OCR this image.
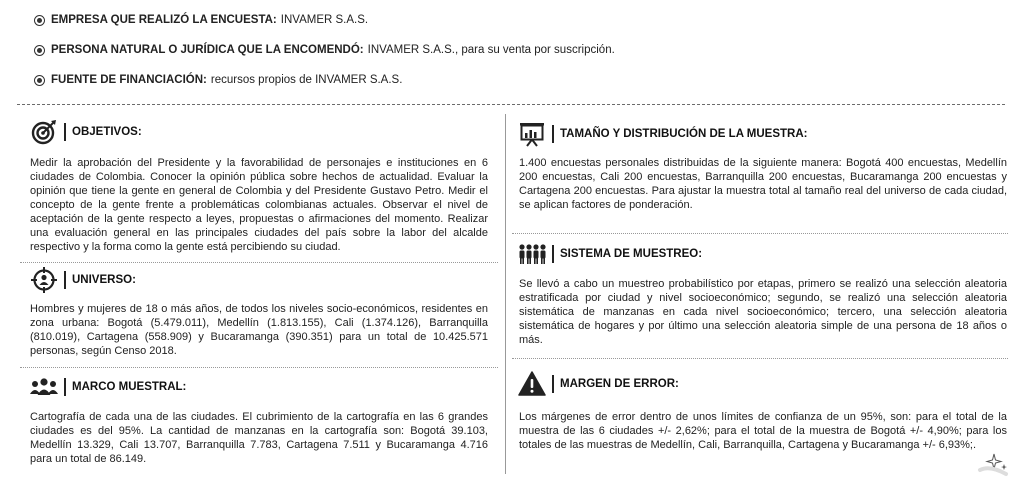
EMPRESA QUE REALIZÓ LA ENCUESTA: INVAMER S.A.S.
PERSONA NATURAL O JURÍDICA QUE LA ENCOMENDÓ: INVAMER S.A.S., para su venta por suscripción.
FUENTE DE FINANCIACIÓN: recursos propios de INVAMER S.A.S.
OBJETIVOS:

Medir la aprobación del Presidente y la favorabilidad de personajes e instituciones en 6 ciudades de Colombia. Conocer la opinión pública sobre hechos de actualidad. Evaluar la opinión que tiene la gente en general de Colombia y del Presidente Gustavo Petro. Medir el concepto de la gente frente a problemáticas colombianas actuales. Observar el nivel de aceptación de la gente respecto a leyes, propuestas o afirmaciones del momento. Realizar una evaluación general en las principales ciudades del país sobre la labor del alcalde respectivo y la forma como la gente está percibiendo su ciudad.

UNIVERSO:

Hombres y mujeres de 18 o más años, de todos los niveles socio-económicos, residentes en zona urbana: Bogotá (5.479.011), Medellín (1.813.155), Cali (1.374.126), Barranquilla (810.019), Cartagena (558.909) y Bucaramanga (390.351) para un total de 10.425.571 personas, según Censo 2018.

MARCO MUESTRAL:

Cartografía de cada una de las ciudades. El cubrimiento de la cartografía en las 6 grandes ciudades es del 95%. La cantidad de manzanas en la cartografía son: Bogotá 39.103, Medellín 13.329, Cali 13.707, Barranquilla 7.783, Cartagena 7.511 y Bucaramanga 4.716 para un total de 86.149.

TAMAÑO Y DISTRIBUCIÓN DE LA MUESTRA:

1.400 encuestas personales distribuidas de la siguiente manera: Bogotá 400 encuestas, Medellín 200 encuestas, Cali 200 encuestas, Barranquilla 200 encuestas, Bucaramanga 200 encuestas y Cartagena 200 encuestas. Para ajustar la muestra total al tamaño real del universo de cada ciudad, se aplican factores de ponderación.

SISTEMA DE MUESTREO:

Se llevó a cabo un muestreo probabilístico por etapas, primero se realizó una selección aleatoria estratificada por ciudad y nivel socioeconómico; segundo, se realizó una selección aleatoria sistemática de manzanas en cada nivel socioeconómico; tercero, una selección aleatoria sistemática de hogares y por último una selección aleatoria simple de una persona de 18 años o más.

MARGEN DE ERROR:

Los márgenes de error dentro de unos límites de confianza de un 95%, son: para el total de la muestra de las 6 ciudades +/- 2,62%; para el total de la muestra de Bogotá +/- 4,90%; para los totales de las muestras de Medellín, Cali, Barranquilla, Cartagena y Bucaramanga +/- 6,93%;.
